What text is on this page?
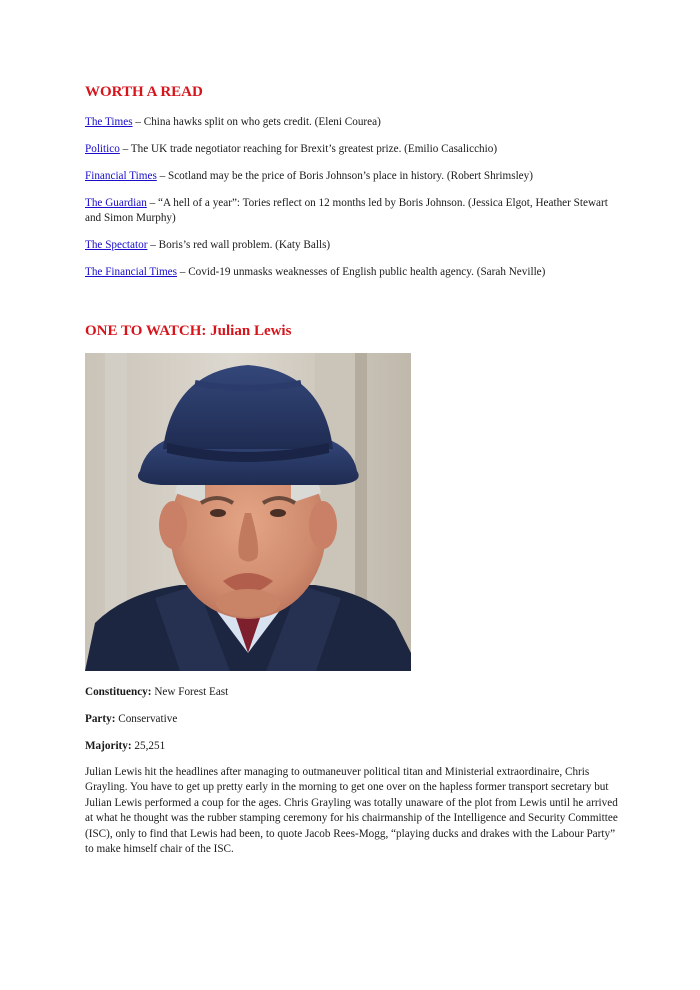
WORTH A READ
The Times – China hawks split on who gets credit. (Eleni Courea)
Politico – The UK trade negotiator reaching for Brexit’s greatest prize. (Emilio Casalicchio)
Financial Times – Scotland may be the price of Boris Johnson’s place in history. (Robert Shrimsley)
The Guardian – “A hell of a year”: Tories reflect on 12 months led by Boris Johnson. (Jessica Elgot, Heather Stewart and Simon Murphy)
The Spectator – Boris’s red wall problem. (Katy Balls)
The Financial Times – Covid-19 unmasks weaknesses of English public health agency. (Sarah Neville)
ONE TO WATCH: Julian Lewis
Constituency: New Forest East
Party: Conservative
Majority: 25,251

Julian Lewis hit the headlines after managing to outmaneuver political titan and Ministerial extraordinaire, Chris Grayling. You have to get up pretty early in the morning to get one over on the hapless former transport secretary but Julian Lewis performed a coup for the ages. Chris Grayling was totally unaware of the plot from Lewis until he arrived at what he thought was the rubber stamping ceremony for his chairmanship of the Intelligence and Security Committee (ISC), only to find that Lewis had been, to quote Jacob Rees-Mogg, “playing ducks and drakes with the Labour Party” to make himself chair of the ISC.
